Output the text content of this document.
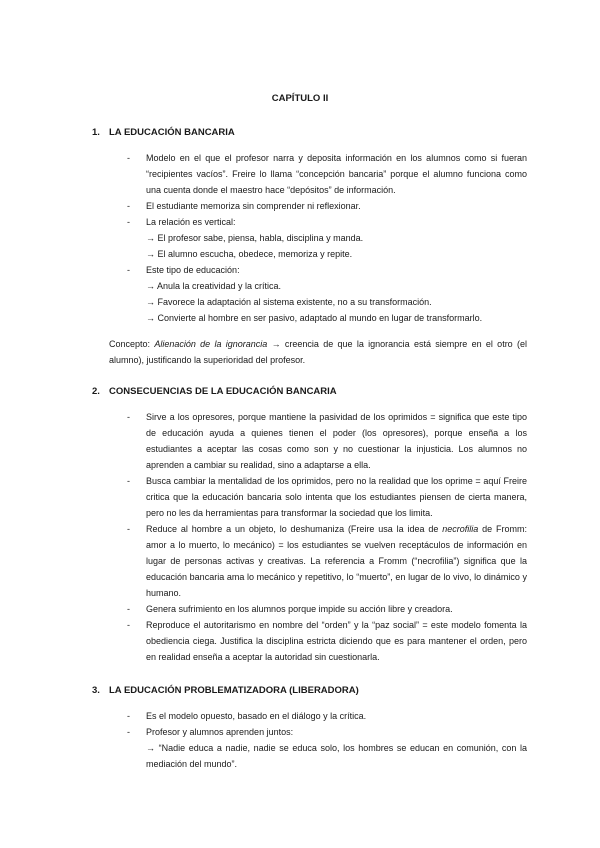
CAPÍTULO II
1. LA EDUCACIÓN BANCARIA
- Modelo en el que el profesor narra y deposita información en los alumnos como si fueran “recipientes vacíos”. Freire lo llama “concepción bancaria” porque el alumno funciona como una cuenta donde el maestro hace “depósitos” de información.
- El estudiante memoriza sin comprender ni reflexionar.
- La relación es vertical:
→ El profesor sabe, piensa, habla, disciplina y manda.
→ El alumno escucha, obedece, memoriza y repite.
- Este tipo de educación:
→ Anula la creatividad y la crítica.
→ Favorece la adaptación al sistema existente, no a su transformación.
→ Convierte al hombre en ser pasivo, adaptado al mundo en lugar de transformarlo.

Concepto: Alienación de la ignorancia → creencia de que la ignorancia está siempre en el otro (el alumno), justificando la superioridad del profesor.

2. CONSECUENCIAS DE LA EDUCACIÓN BANCARIA
- Sirve a los opresores, porque mantiene la pasividad de los oprimidos = significa que este tipo de educación ayuda a quienes tienen el poder (los opresores), porque enseña a los estudiantes a aceptar las cosas como son y no cuestionar la injusticia. Los alumnos no aprenden a cambiar su realidad, sino a adaptarse a ella.
- Busca cambiar la mentalidad de los oprimidos, pero no la realidad que los oprime = aquí Freire critica que la educación bancaria solo intenta que los estudiantes piensen de cierta manera, pero no les da herramientas para transformar la sociedad que los limita.
- Reduce al hombre a un objeto, lo deshumaniza (Freire usa la idea de necrofilia de Fromm: amor a lo muerto, lo mecánico) = los estudiantes se vuelven receptáculos de información en lugar de personas activas y creativas. La referencia a Fromm (“necrofilia”) significa que la educación bancaria ama lo mecánico y repetitivo, lo “muerto”, en lugar de lo vivo, lo dinámico y humano.
- Genera sufrimiento en los alumnos porque impide su acción libre y creadora.
- Reproduce el autoritarismo en nombre del “orden” y la “paz social” = este modelo fomenta la obediencia ciega. Justifica la disciplina estricta diciendo que es para mantener el orden, pero en realidad enseña a aceptar la autoridad sin cuestionarla.
3. LA EDUCACIÓN PROBLEMATIZADORA (LIBERADORA)
- Es el modelo opuesto, basado en el diálogo y la crítica.
- Profesor y alumnos aprenden juntos:
→ “Nadie educa a nadie, nadie se educa solo, los hombres se educan en comunión, con la mediación del mundo”.
